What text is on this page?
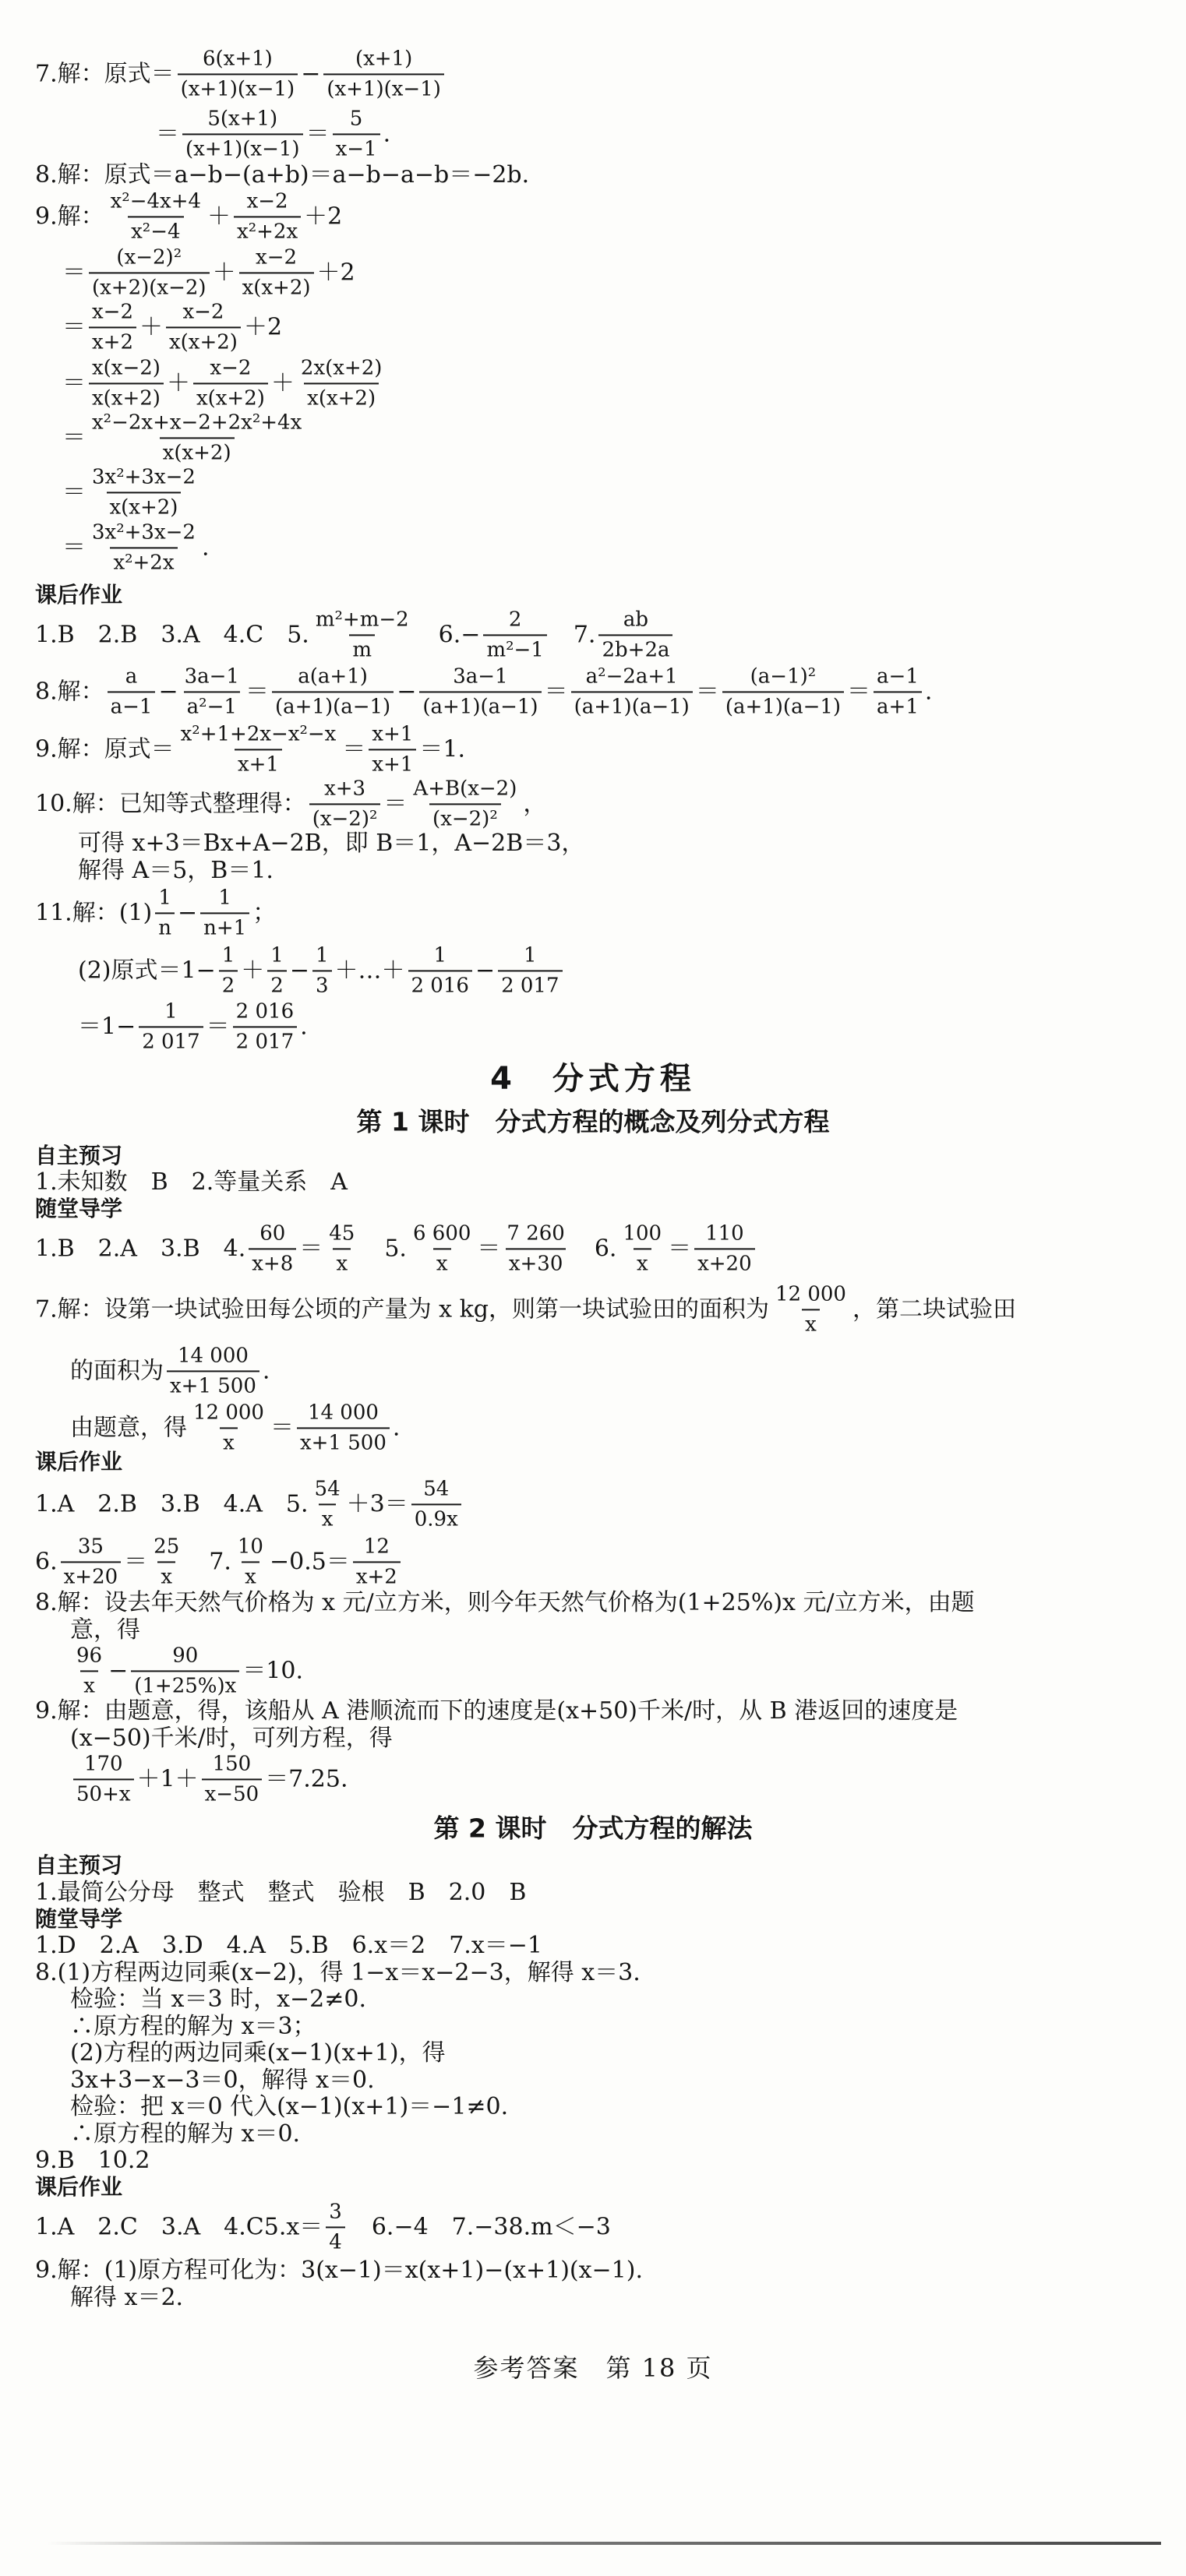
7.解：原式＝ $\frac{6(x+1)}{(x+1)(x-1)} - \frac{(x+1)}{(x+1)(x-1)}$
＝ $\frac{5(x+1)}{(x+1)(x-1)} = \frac{5}{x-1}$ .
8.解：原式＝a−b−(a+b)＝a−b−a−b＝−2b.
9.解： $\frac{\text{x²−4x+4}}{\text{x²−4}} + \frac{x-2}{\text{x²+2x}} +2$
＝ $\frac{\text{(x−2)²}}{(x+2)(x-2)} + \frac{x-2}{x(x+2)} +2$
＝ $\frac{x-2}{x+2} + \frac{x-2}{x(x+2)} +2$
＝ $\frac{x(x-2)}{x(x+2)} + \frac{x-2}{x(x+2)} + \frac{2x(x+2)}{x(x+2)}$
＝ $\frac{\text{x²−2x+x−2+2x²+4x}}{x(x+2)}$
＝ $\frac{\text{3x²+3x−2}}{x(x+2)}$
＝ $\frac{\text{3x²+3x−2}}{\text{x²+2x}}$ .
课后作业
1.B　2.B　3.A　4.C　5. $\frac{\text{m²+m−2}}{m}$ 　$6.- \frac{2}{\text{m²−1}}$ 　7. $\frac{ab}{2b+2a}$
8.解： $\frac{a}{a-1} - \frac{3a-1}{\text{a²−1}} = \frac{a(a+1)}{(a+1)(a-1)} - \frac{3a-1}{(a+1)(a-1)} = \frac{\text{a²−2a+1}}{(a+1)(a-1)} = \frac{\text{(a−1)²}}{(a+1)(a-1)} = \frac{a-1}{a+1}$ .
9.解：原式＝ $\frac{\text{x²+1+2x−x²−x}}{x+1} = \frac{x+1}{x+1} =1$.
10.解：已知等式整理得： $\frac{x+3}{\text{(x−2)²}} = \frac{A+B(x-2)}{\text{(x−2)²}}$ ，
可得 x+3＝Bx+A−2B，即 B＝1，A−2B＝3，
解得 A＝5，B＝1.
11.解：$(1) \frac{1}{n} - \frac{1}{n+1}$ ；
(2)原式$=1- \frac{1}{2} + \frac{1}{2} - \frac{1}{3}$ ＋…＋ $\frac{1}{2 016} - \frac{1}{2 017}$
$=1- \frac{1}{2 017} = \frac{2 016}{2 017}$ .
4　分式方程
第 1 课时　分式方程的概念及列分式方程
自主预习
1.未知数　B　2.等量关系　A
随堂导学
1.B　2.A　3.B　4. $\frac{60}{x+8} = \frac{45}{x}$ 　5. $\frac{6 600}{x} = \frac{7 260}{x+30}$ 　6. $\frac{100}{x} = \frac{110}{x+20}$
7.解：设第一块试验田每公顷的产量为 x kg，则第一块试验田的面积为 $\frac{12 000}{x}$ ，第二块试验田
的面积为 $\frac{14 000}{x+1 500}$ .
由题意，得 $\frac{12 000}{x} = \frac{14 000}{x+1 500}$ .
课后作业
1.A　2.B　3.B　4.A　5. $\frac{54}{x} +3= \frac{54}{0.9x}$
6. $\frac{35}{x+20} = \frac{25}{x}$ 　7. $\frac{10}{x} -0.5= \frac{12}{x+2}$
8.解：设去年天然气价格为 x 元/立方米，则今年天然气价格为(1+25%)x 元/立方米，由题
意，得
$\frac{96}{x} - \frac{90}{(1+25\%)x} =10$.
9.解：由题意，得，该船从 A 港顺流而下的速度是(x+50)千米/时，从 B 港返回的速度是
(x−50)千米/时，可列方程，得
$\frac{170}{50+x} +1+ \frac{150}{x-50} =7.25$.
第 2 课时　分式方程的解法
自主预习
1.最简公分母　整式　整式　验根　B　2.0　B
随堂导学
1.D　2.A　3.D　4.A　5.B　6.x＝2　7.x＝−1
8.(1)方程两边同乘(x−2)，得 1−x＝x−2−3，解得 x＝3.
检验：当 x＝3 时，x−2≠0.
∴原方程的解为 x＝3；
(2)方程的两边同乘(x−1)(x+1)，得
3x+3−x−3＝0，解得 x＝0.
检验：把 x＝0 代入(x−1)(x+1)＝−1≠0.
∴原方程的解为 x＝0.
9.B　10.2
课后作业
1.A　2.C　3.A　$4.C5.x= \frac{3}{4}$ 　6.−4　7.−38.m＜−3
9.解：(1)原方程可化为：3(x−1)＝x(x+1)−(x+1)(x−1).
解得 x＝2.
参考答案　第 18 页
